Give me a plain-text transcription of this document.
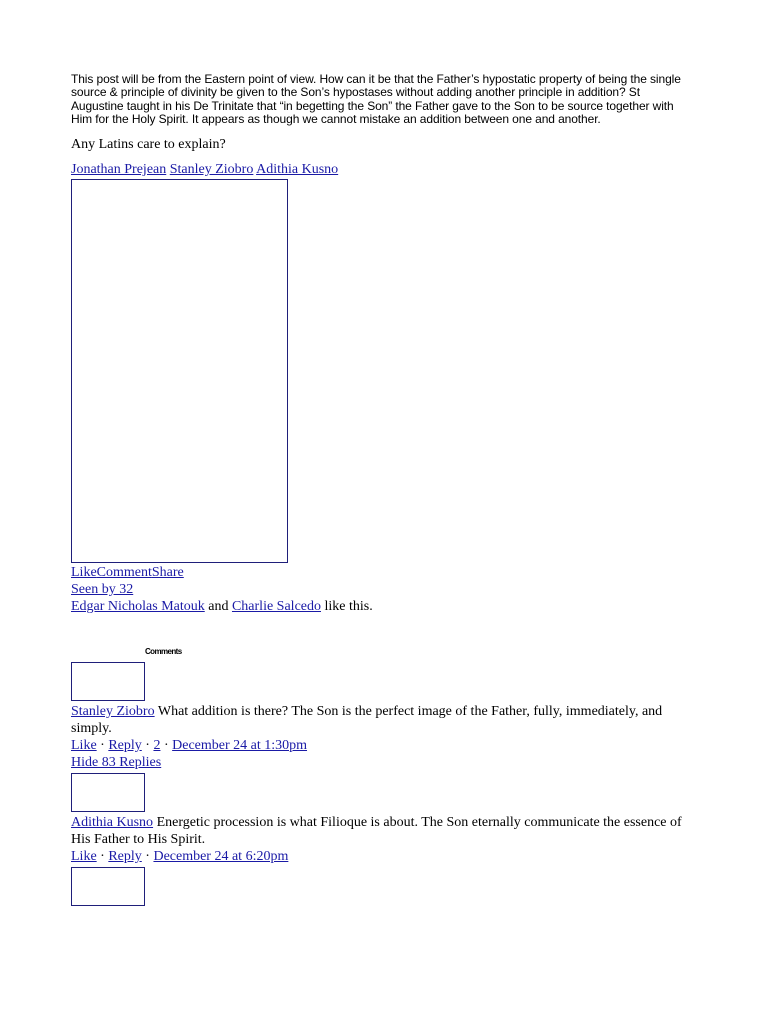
This post will be from the Eastern point of view. How can it be that the Father’s hypostatic property of being the single source & principle of divinity be given to the Son’s hypostases without adding another principle in addition? St Augustine taught in his De Trinitate that “in begetting the Son” the Father gave to the Son to be source together with Him for the Holy Spirit. It appears as though we cannot mistake an addition between one and another.

Any Latins care to explain?
Jonathan Prejean Stanley Ziobro Adithia Kusno
LikeCommentShare
Seen by 32
Edgar Nicholas Matouk and Charlie Salcedo like this.
Comments
Stanley Ziobro What addition is there? The Son is the perfect image of the Father, fully, immediately, and simply.
Like · Reply · 2 · December 24 at 1:30pm
Hide 83 Replies
Adithia Kusno Energetic procession is what Filioque is about. The Son eternally communicate the essence of His Father to His Spirit.
Like · Reply · December 24 at 6:20pm
